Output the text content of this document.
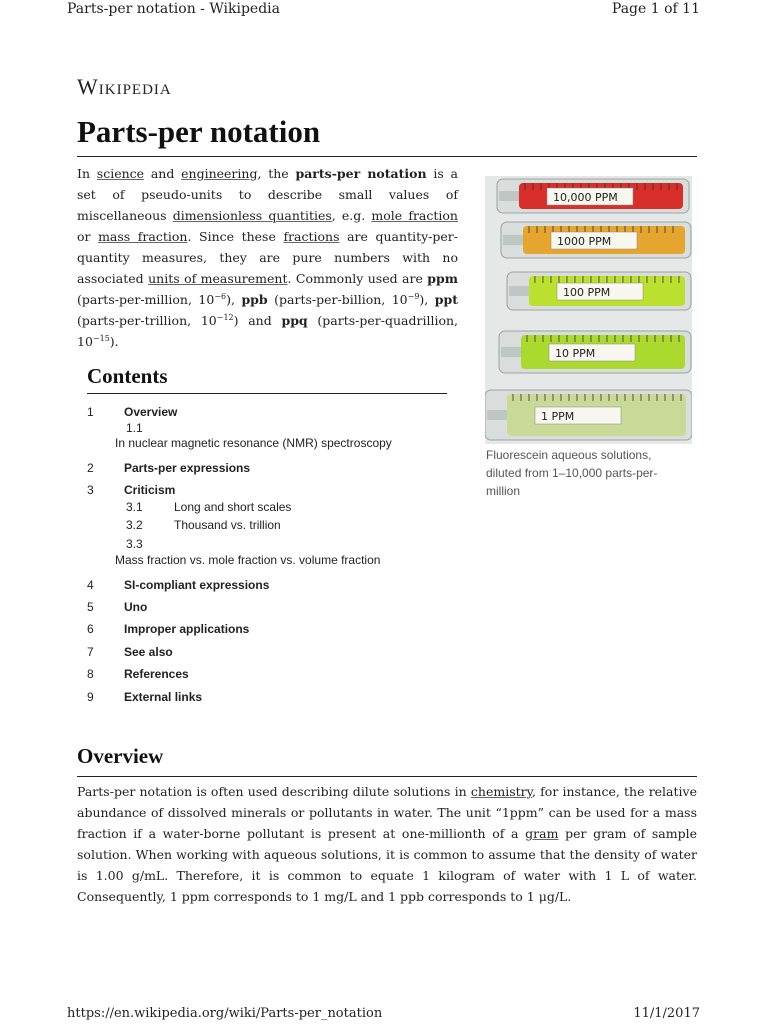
Parts-per notation - Wikipedia	Page 1 of 11
Wikipedia
Parts-per notation

In science and engineering, the parts-per notation is a set of pseudo-units to describe small values of miscellaneous dimensionless quantities, e.g. mole fraction or mass fraction. Since these fractions are quantity-per-quantity measures, they are pure numbers with no associated units of measurement. Commonly used are ppm (parts-per-million, $10^{-6}$), ppb (parts-per-billion, $10^{-9}$), ppt (parts-per-trillion, $10^{-12}$) and ppq (parts-per-quadrillion, $10^{-15}$).

10,000 PPM
1000 PPM
100 PPM
10 PPM
1 PPM
Fluorescein aqueous solutions, diluted from 1–10,000 parts-per-million
Contents
1	Overview
1.1
In nuclear magnetic resonance (NMR) spectroscopy
2	Parts-per expressions
3	Criticism
3.1	Long and short scales
3.2	Thousand vs. trillion
3.3
Mass fraction vs. mole fraction vs. volume fraction
4	SI-compliant expressions
5	Uno
6	Improper applications
7	See also
8	References
9	External links
Overview

Parts-per notation is often used describing dilute solutions in chemistry, for instance, the relative abundance of dissolved minerals or pollutants in water. The unit “1ppm” can be used for a mass fraction if a water-borne pollutant is present at one-millionth of a gram per gram of sample solution. When working with aqueous solutions, it is common to assume that the density of water is 1.00 g/mL. Therefore, it is common to equate 1 kilogram of water with 1 L of water. Consequently, 1 ppm corresponds to 1 mg/L and 1 ppb corresponds to 1 μg/L.

https://en.wikipedia.org/wiki/Parts-per_notation	11/1/2017
